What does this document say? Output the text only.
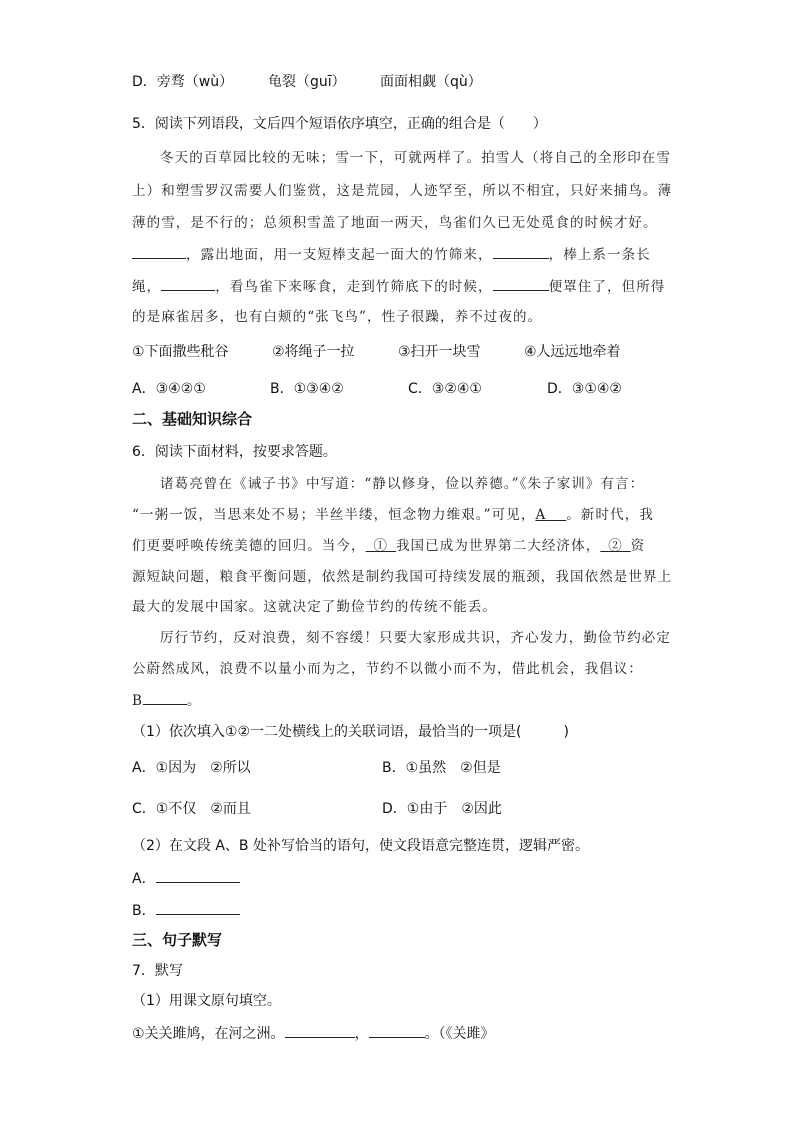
D．旁骛（wù） 龟裂（guī） 面面相觑（qù）
5．阅读下列语段，文后四个短语依序填空，正确的组合是（　　）
冬天的百草园比较的无味；雪一下，可就两样了。拍雪人（将自己的全形印在雪
上）和塑雪罗汉需要人们鉴赏，这是荒园，人迹罕至，所以不相宜，只好来捕鸟。薄
薄的雪，是不行的；总须积雪盖了地面一两天，鸟雀们久已无处觅食的时候才好。
，露出地面，用一支短棒支起一面大的竹筛来，	，棒上系一条长
绳，	，看鸟雀下来啄食，走到竹筛底下的时候，	便罩住了，但所得
的是麻雀居多，也有白颊的“张飞鸟”，性子很躁，养不过夜的。
①下面撒些秕谷	②将绳子一拉	③扫开一块雪	④人远远地牵着
A．③④②①	B．①③④②	C．③②④①	D．③①④②
二、基础知识综合
6．阅读下面材料，按要求答题。
诸葛亮曾在《诫子书》中写道：“静以修身，俭以养德。”《朱子家训》有言：
“一粥一饭，当思来处不易；半丝半缕，恒念物力维艰。”可见，A  。新时代，我
们更要呼唤传统美德的回归。当今，  ①  我国已成为世界第二大经济体，  ②  资
源短缺问题，粮食平衡问题，依然是制约我国可持续发展的瓶颈，我国依然是世界上
最大的发展中国家。这就决定了勤俭节约的传统不能丢。
厉行节约，反对浪费，刻不容缓！只要大家形成共识，齐心发力，勤俭节约必定
公蔚然成风，浪费不以量小而为之，节约不以微小而不为，借此机会，我倡议：
B	。
（1）依次填入①②一二处横线上的关联词语，最恰当的一项是(　　　)
A．①因为　②所以	B．①虽然　②但是
C．①不仅　②而且	D．①由于　②因此
（2）在文段 A、B 处补写恰当的语句，使文段语意完整连贯，逻辑严密。
A．
B．
三、句子默写
7．默写
（1）用课文原句填空。
①关关雎鸠，在河之洲。	，	。（《关雎》
